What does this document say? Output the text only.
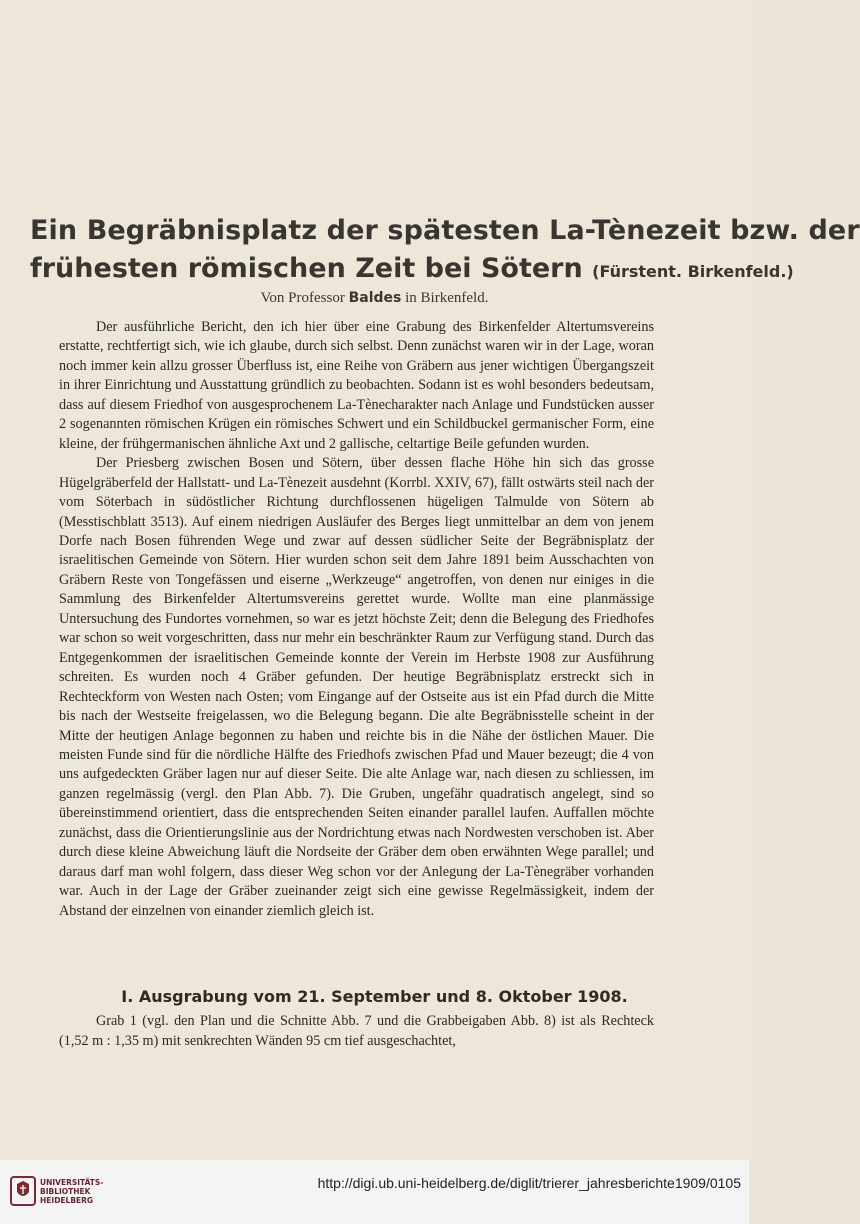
Ein Begräbnisplatz der spätesten La-Tènezeit bzw. der
frühesten römischen Zeit bei Sötern (Fürstent. Birkenfeld.)
Von Professor Baldes in Birkenfeld.

Der ausführliche Bericht, den ich hier über eine Grabung des Birkenfelder Altertumsvereins erstatte, rechtfertigt sich, wie ich glaube, durch sich selbst. Denn zunächst waren wir in der Lage, woran noch immer kein allzu grosser Überfluss ist, eine Reihe von Gräbern aus jener wichtigen Übergangszeit in ihrer Einrichtung und Ausstattung gründlich zu beobachten. Sodann ist es wohl besonders bedeutsam, dass auf diesem Friedhof von ausgesprochenem La-Tènecharakter nach Anlage und Fundstücken ausser 2 sogenannten römischen Krügen ein römisches Schwert und ein Schildbuckel germanischer Form, eine kleine, der frühgermanischen ähnliche Axt und 2 gallische, celtartige Beile gefunden wurden.

Der Priesberg zwischen Bosen und Sötern, über dessen flache Höhe hin sich das grosse Hügelgräberfeld der Hallstatt- und La-Tènezeit ausdehnt (Korrbl. XXIV, 67), fällt ostwärts steil nach der vom Söterbach in südöstlicher Richtung durchflossenen hügeligen Talmulde von Sötern ab (Messtischblatt 3513). Auf einem niedrigen Ausläufer des Berges liegt unmittelbar an dem von jenem Dorfe nach Bosen führenden Wege und zwar auf dessen südlicher Seite der Begräbnisplatz der israelitischen Gemeinde von Sötern. Hier wurden schon seit dem Jahre 1891 beim Ausschachten von Gräbern Reste von Tongefässen und eiserne „Werkzeuge“ angetroffen, von denen nur einiges in die Sammlung des Birkenfelder Altertumsvereins gerettet wurde. Wollte man eine planmässige Untersuchung des Fundortes vornehmen, so war es jetzt höchste Zeit; denn die Belegung des Friedhofes war schon so weit vorgeschritten, dass nur mehr ein beschränkter Raum zur Verfügung stand. Durch das Entgegenkommen der israelitischen Gemeinde konnte der Verein im Herbste 1908 zur Ausführung schreiten. Es wurden noch 4 Gräber gefunden. Der heutige Begräbnisplatz erstreckt sich in Rechteckform von Westen nach Osten; vom Eingange auf der Ostseite aus ist ein Pfad durch die Mitte bis nach der Westseite freigelassen, wo die Belegung begann. Die alte Begräbnisstelle scheint in der Mitte der heutigen Anlage begonnen zu haben und reichte bis in die Nähe der östlichen Mauer. Die meisten Funde sind für die nördliche Hälfte des Friedhofs zwischen Pfad und Mauer bezeugt; die 4 von uns aufgedeckten Gräber lagen nur auf dieser Seite. Die alte Anlage war, nach diesen zu schliessen, im ganzen regelmässig (vergl. den Plan Abb. 7). Die Gruben, ungefähr quadratisch angelegt, sind so übereinstimmend orientiert, dass die entsprechenden Seiten einander parallel laufen. Auffallen möchte zunächst, dass die Orientierungslinie aus der Nordrichtung etwas nach Nordwesten verschoben ist. Aber durch diese kleine Abweichung läuft die Nordseite der Gräber dem oben erwähnten Wege parallel; und daraus darf man wohl folgern, dass dieser Weg schon vor der Anlegung der La-Tènegräber vorhanden war. Auch in der Lage der Gräber zueinander zeigt sich eine gewisse Regelmässigkeit, indem der Abstand der einzelnen von einander ziemlich gleich ist.

I. Ausgrabung vom 21. September und 8. Oktober 1908.

Grab 1 (vgl. den Plan und die Schnitte Abb. 7 und die Grabbeigaben Abb. 8) ist als Rechteck (1,52 m : 1,35 m) mit senkrechten Wänden 95 cm tief ausgeschachtet,

UNIVERSITÄTS-
BIBLIOTHEK
HEIDELBERG
http://digi.ub.uni-heidelberg.de/diglit/trierer_jahresberichte1909/0105
